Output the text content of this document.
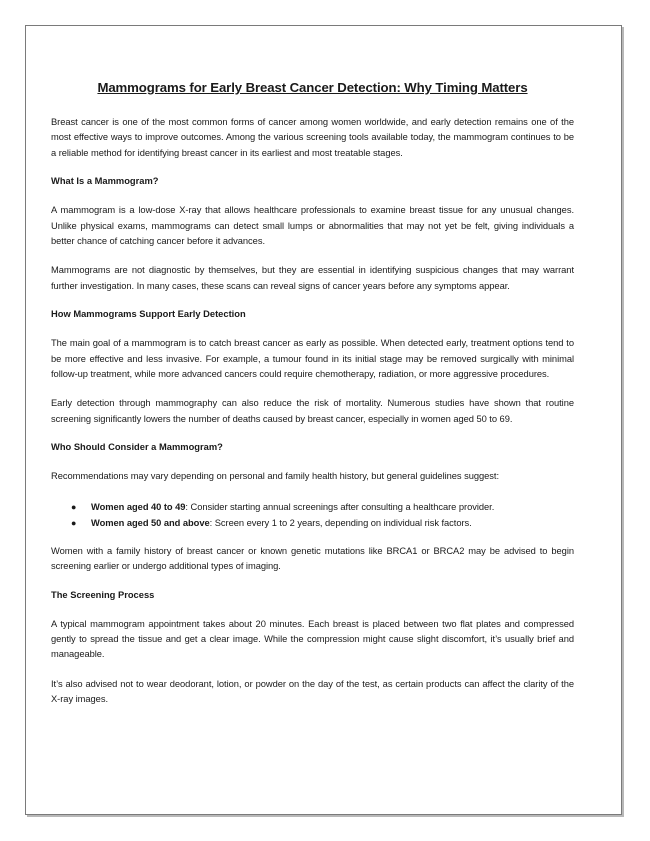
Mammograms for Early Breast Cancer Detection: Why Timing Matters

Breast cancer is one of the most common forms of cancer among women worldwide, and early detection remains one of the most effective ways to improve outcomes. Among the various screening tools available today, the mammogram continues to be a reliable method for identifying breast cancer in its earliest and most treatable stages.

What Is a Mammogram?

A mammogram is a low-dose X-ray that allows healthcare professionals to examine breast tissue for any unusual changes. Unlike physical exams, mammograms can detect small lumps or abnormalities that may not yet be felt, giving individuals a better chance of catching cancer before it advances.

Mammograms are not diagnostic by themselves, but they are essential in identifying suspicious changes that may warrant further investigation. In many cases, these scans can reveal signs of cancer years before any symptoms appear.

How Mammograms Support Early Detection

The main goal of a mammogram is to catch breast cancer as early as possible. When detected early, treatment options tend to be more effective and less invasive. For example, a tumour found in its initial stage may be removed surgically with minimal follow-up treatment, while more advanced cancers could require chemotherapy, radiation, or more aggressive procedures.

Early detection through mammography can also reduce the risk of mortality. Numerous studies have shown that routine screening significantly lowers the number of deaths caused by breast cancer, especially in women aged 50 to 69.

Who Should Consider a Mammogram?

Recommendations may vary depending on personal and family health history, but general guidelines suggest:

● Women aged 40 to 49: Consider starting annual screenings after consulting a healthcare provider.
● Women aged 50 and above: Screen every 1 to 2 years, depending on individual risk factors.

Women with a family history of breast cancer or known genetic mutations like BRCA1 or BRCA2 may be advised to begin screening earlier or undergo additional types of imaging.

The Screening Process

A typical mammogram appointment takes about 20 minutes. Each breast is placed between two flat plates and compressed gently to spread the tissue and get a clear image. While the compression might cause slight discomfort, it’s usually brief and manageable.

It’s also advised not to wear deodorant, lotion, or powder on the day of the test, as certain products can affect the clarity of the X-ray images.
